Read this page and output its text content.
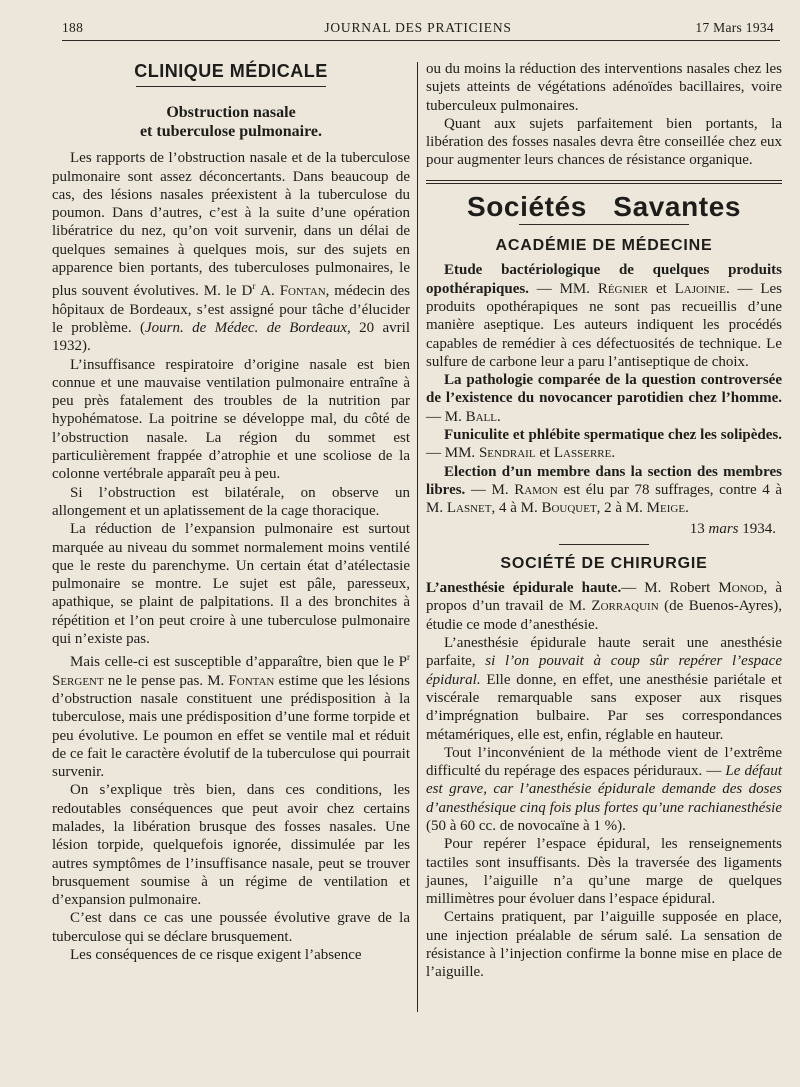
188	JOURNAL DES PRATICIENS	17 Mars 1934
CLINIQUE MÉDICALE
Obstruction nasale
et tuberculose pulmonaire.

Les rapports de l’obstruction nasale et de la tuberculose pulmonaire sont assez déconcertants. Dans beaucoup de cas, des lésions nasales préexistent à la tuberculose du poumon. Dans d’autres, c’est à la suite d’une opération libératrice du nez, qu’on voit survenir, dans un délai de quelques semaines à quelques mois, sur des sujets en apparence bien portants, des tuberculoses pulmonaires, le plus souvent évolutives. M. le $D^r$ A. Fontan, médecin des hôpitaux de Bordeaux, s’est assigné pour tâche d’élucider le problème. (Journ. de Médec. de Bordeaux, 20 avril 1932).

L’insuffisance respiratoire d’origine nasale est bien connue et une mauvaise ventilation pulmonaire entraîne à peu près fatalement des troubles de la nutrition par hypohématose. La poitrine se développe mal, du côté de l’obstruction nasale. La région du sommet est particulièrement frappée d’atrophie et une scoliose de la colonne vertébrale apparaît peu à peu.

Si l’obstruction est bilatérale, on observe un allongement et un aplatissement de la cage thoracique.

La réduction de l’expansion pulmonaire est surtout marquée au niveau du sommet normalement moins ventilé que le reste du parenchyme. Un certain état d’atélectasie pulmonaire se montre. Le sujet est pâle, paresseux, apathique, se plaint de palpitations. Il a des bronchites à répétition et l’on peut croire à une tuberculose pulmonaire qui n’existe pas.

Mais celle-ci est susceptible d’apparaître, bien que le $P^r$ Sergent ne le pense pas. M. Fontan estime que les lésions d’obstruction nasale constituent une prédisposition à la tuberculose, mais une prédisposition d’une forme torpide et peu évolutive. Le poumon en effet se ventile mal et réduit de ce fait le caractère évolutif de la tuberculose qui pourrait survenir.

On s’explique très bien, dans ces conditions, les redoutables conséquences que peut avoir chez certains malades, la libération brusque des fosses nasales. Une lésion torpide, quelquefois ignorée, dissimulée par les autres symptômes de l’insuffisance nasale, peut se trouver brusquement soumise à un régime de ventilation et d’expansion pulmonaire.

C’est dans ce cas une poussée évolutive grave de la tuberculose qui se déclare brusquement.

Les conséquences de ce risque exigent l’absence

ou du moins la réduction des interventions nasales chez les sujets atteints de végétations adénoïdes bacillaires, voire tuberculeux pulmonaires.

Quant aux sujets parfaitement bien portants, la libération des fosses nasales devra être conseillée chez eux pour augmenter leurs chances de résistance organique.

Sociétés Savantes
ACADÉMIE DE MÉDECINE

Etude bactériologique de quelques produits opothérapiques. — MM. Régnier et Lajoinie. — Les produits opothérapiques ne sont pas recueillis d’une manière aseptique. Les auteurs indiquent les procédés capables de remédier à ces défectuosités de technique. Le sulfure de carbone leur a paru l’antiseptique de choix.

La pathologie comparée de la question controversée de l’existence du novocancer parotidien chez l’homme. — M. Ball.

Funiculite et phlébite spermatique chez les solipèdes. — MM. Sendrail et Lasserre.

Election d’un membre dans la section des membres libres. — M. Ramon est élu par 78 suffrages, contre 4 à M. Lasnet, 4 à M. Bouquet, 2 à M. Meige.

13 mars 1934.
SOCIÉTÉ DE CHIRURGIE

L’anesthésie épidurale haute.— M. Robert Monod, à propos d’un travail de M. Zorraquin (de Buenos-Ayres), étudie ce mode d’anesthésie.

L’anesthésie épidurale haute serait une anesthésie parfaite, si l’on pouvait à coup sûr repérer l’espace épidural. Elle donne, en effet, une anesthésie pariétale et viscérale remarquable sans exposer aux risques d’imprégnation bulbaire. Par ses correspondances métamériques, elle est, enfin, réglable en hauteur.

Tout l’inconvénient de la méthode vient de l’extrême difficulté du repérage des espaces périduraux. — Le défaut est grave, car l’anesthésie épidurale demande des doses d’anesthésique cinq fois plus fortes qu’une rachianesthésie (50 à 60 cc. de novocaïne à 1 %).

Pour repérer l’espace épidural, les renseignements tactiles sont insuffisants. Dès la traversée des ligaments jaunes, l’aiguille n’a qu’une marge de quelques millimètres pour évoluer dans l’espace épidural.

Certains pratiquent, par l’aiguille supposée en place, une injection préalable de sérum salé. La sensation de résistance à l’injection confirme la bonne mise en place de l’aiguille.
